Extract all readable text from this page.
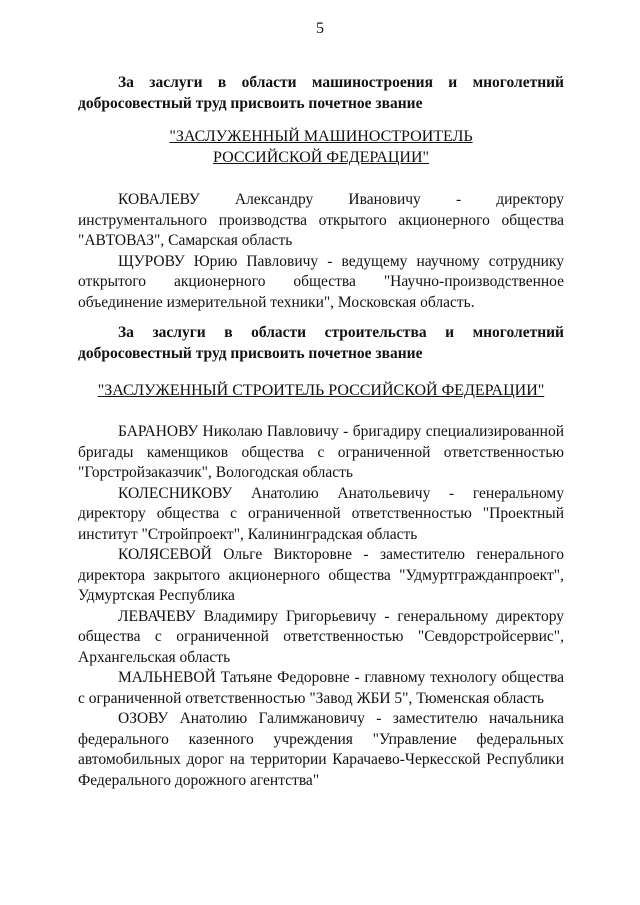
5

За заслуги в области машиностроения и многолетний добросовестный труд присвоить почетное звание

"ЗАСЛУЖЕННЫЙ МАШИНОСТРОИТЕЛЬ

РОССИЙСКОЙ ФЕДЕРАЦИИ"

КОВАЛЕВУ Александру Ивановичу - директору инструментального производства открытого акционерного общества "АВТОВАЗ", Самарская область

ЩУРОВУ Юрию Павловичу - ведущему научному сотруднику открытого акционерного общества "Научно-производственное объединение измерительной техники", Московская область.

За заслуги в области строительства и многолетний добросовестный труд присвоить почетное звание

"ЗАСЛУЖЕННЫЙ СТРОИТЕЛЬ РОССИЙСКОЙ ФЕДЕРАЦИИ"

БАРАНОВУ Николаю Павловичу - бригадиру специализированной бригады каменщиков общества с ограниченной ответственностью "Горстройзаказчик", Вологодская область

КОЛЕСНИКОВУ Анатолию Анатольевичу - генеральному директору общества с ограниченной ответственностью "Проектный институт "Стройпроект", Калининградская область

КОЛЯСЕВОЙ Ольге Викторовне - заместителю генерального директора закрытого акционерного общества "Удмуртгражданпроект", Удмуртская Республика

ЛЕВАЧЕВУ Владимиру Григорьевичу - генеральному директору общества с ограниченной ответственностью "Севдорстройсервис", Архангельская область

МАЛЬНЕВОЙ Татьяне Федоровне - главному технологу общества с ограниченной ответственностью "Завод ЖБИ 5", Тюменская область

ОЗОВУ Анатолию Галимжановичу - заместителю начальника федерального казенного учреждения "Управление федеральных автомобильных дорог на территории Карачаево-Черкесской Республики Федерального дорожного агентства"
